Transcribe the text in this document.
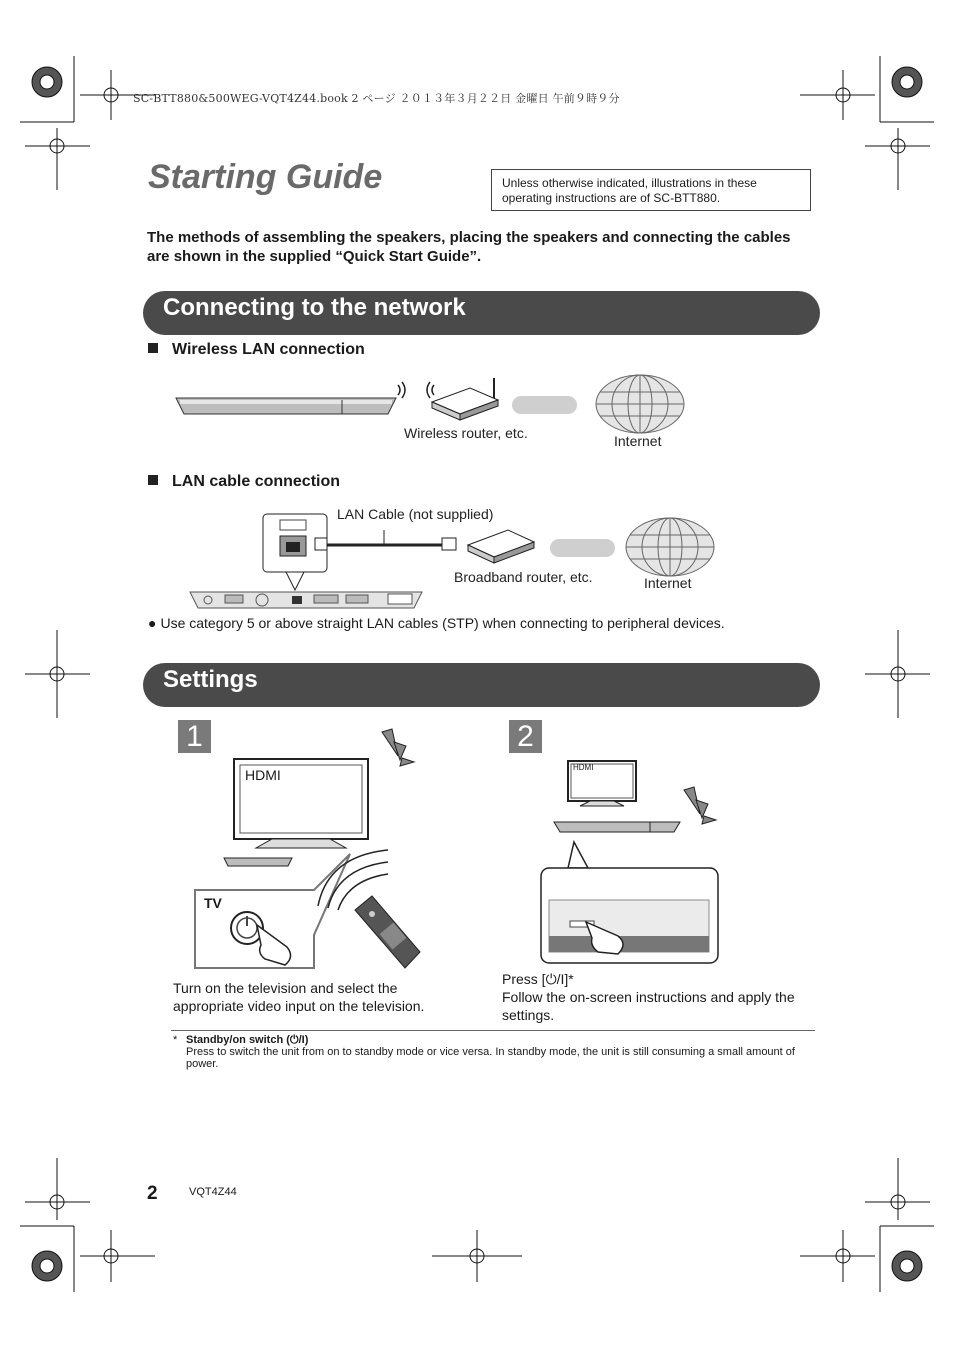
SC-BTT880&500WEG-VQT4Z44.book 2 ページ ２０１３年３月２２日 金曜日 午前９時９分
Starting Guide	Unless otherwise indicated, illustrations in these operating instructions are of SC-BTT880.
The methods of assembling the speakers, placing the speakers and connecting the cables are shown in the supplied “Quick Start Guide”.
Connecting to the network
Wireless LAN connection
Wireless router, etc.	Internet
LAN cable connection
LAN Cable (not supplied)
Broadband router, etc.	Internet
● Use category 5 or above straight LAN cables (STP) when connecting to peripheral devices.
Settings
1	2
HDMI
TV
HDMI
Turn on the television and select the
appropriate video input on the television.
Press [⏻/I]*
Follow the on-screen instructions and apply the
settings.
* Standby/on switch (⏻/I)
Press to switch the unit from on to standby mode or vice versa. In standby mode, the unit is still consuming a small amount of power.
2	VQT4Z44
